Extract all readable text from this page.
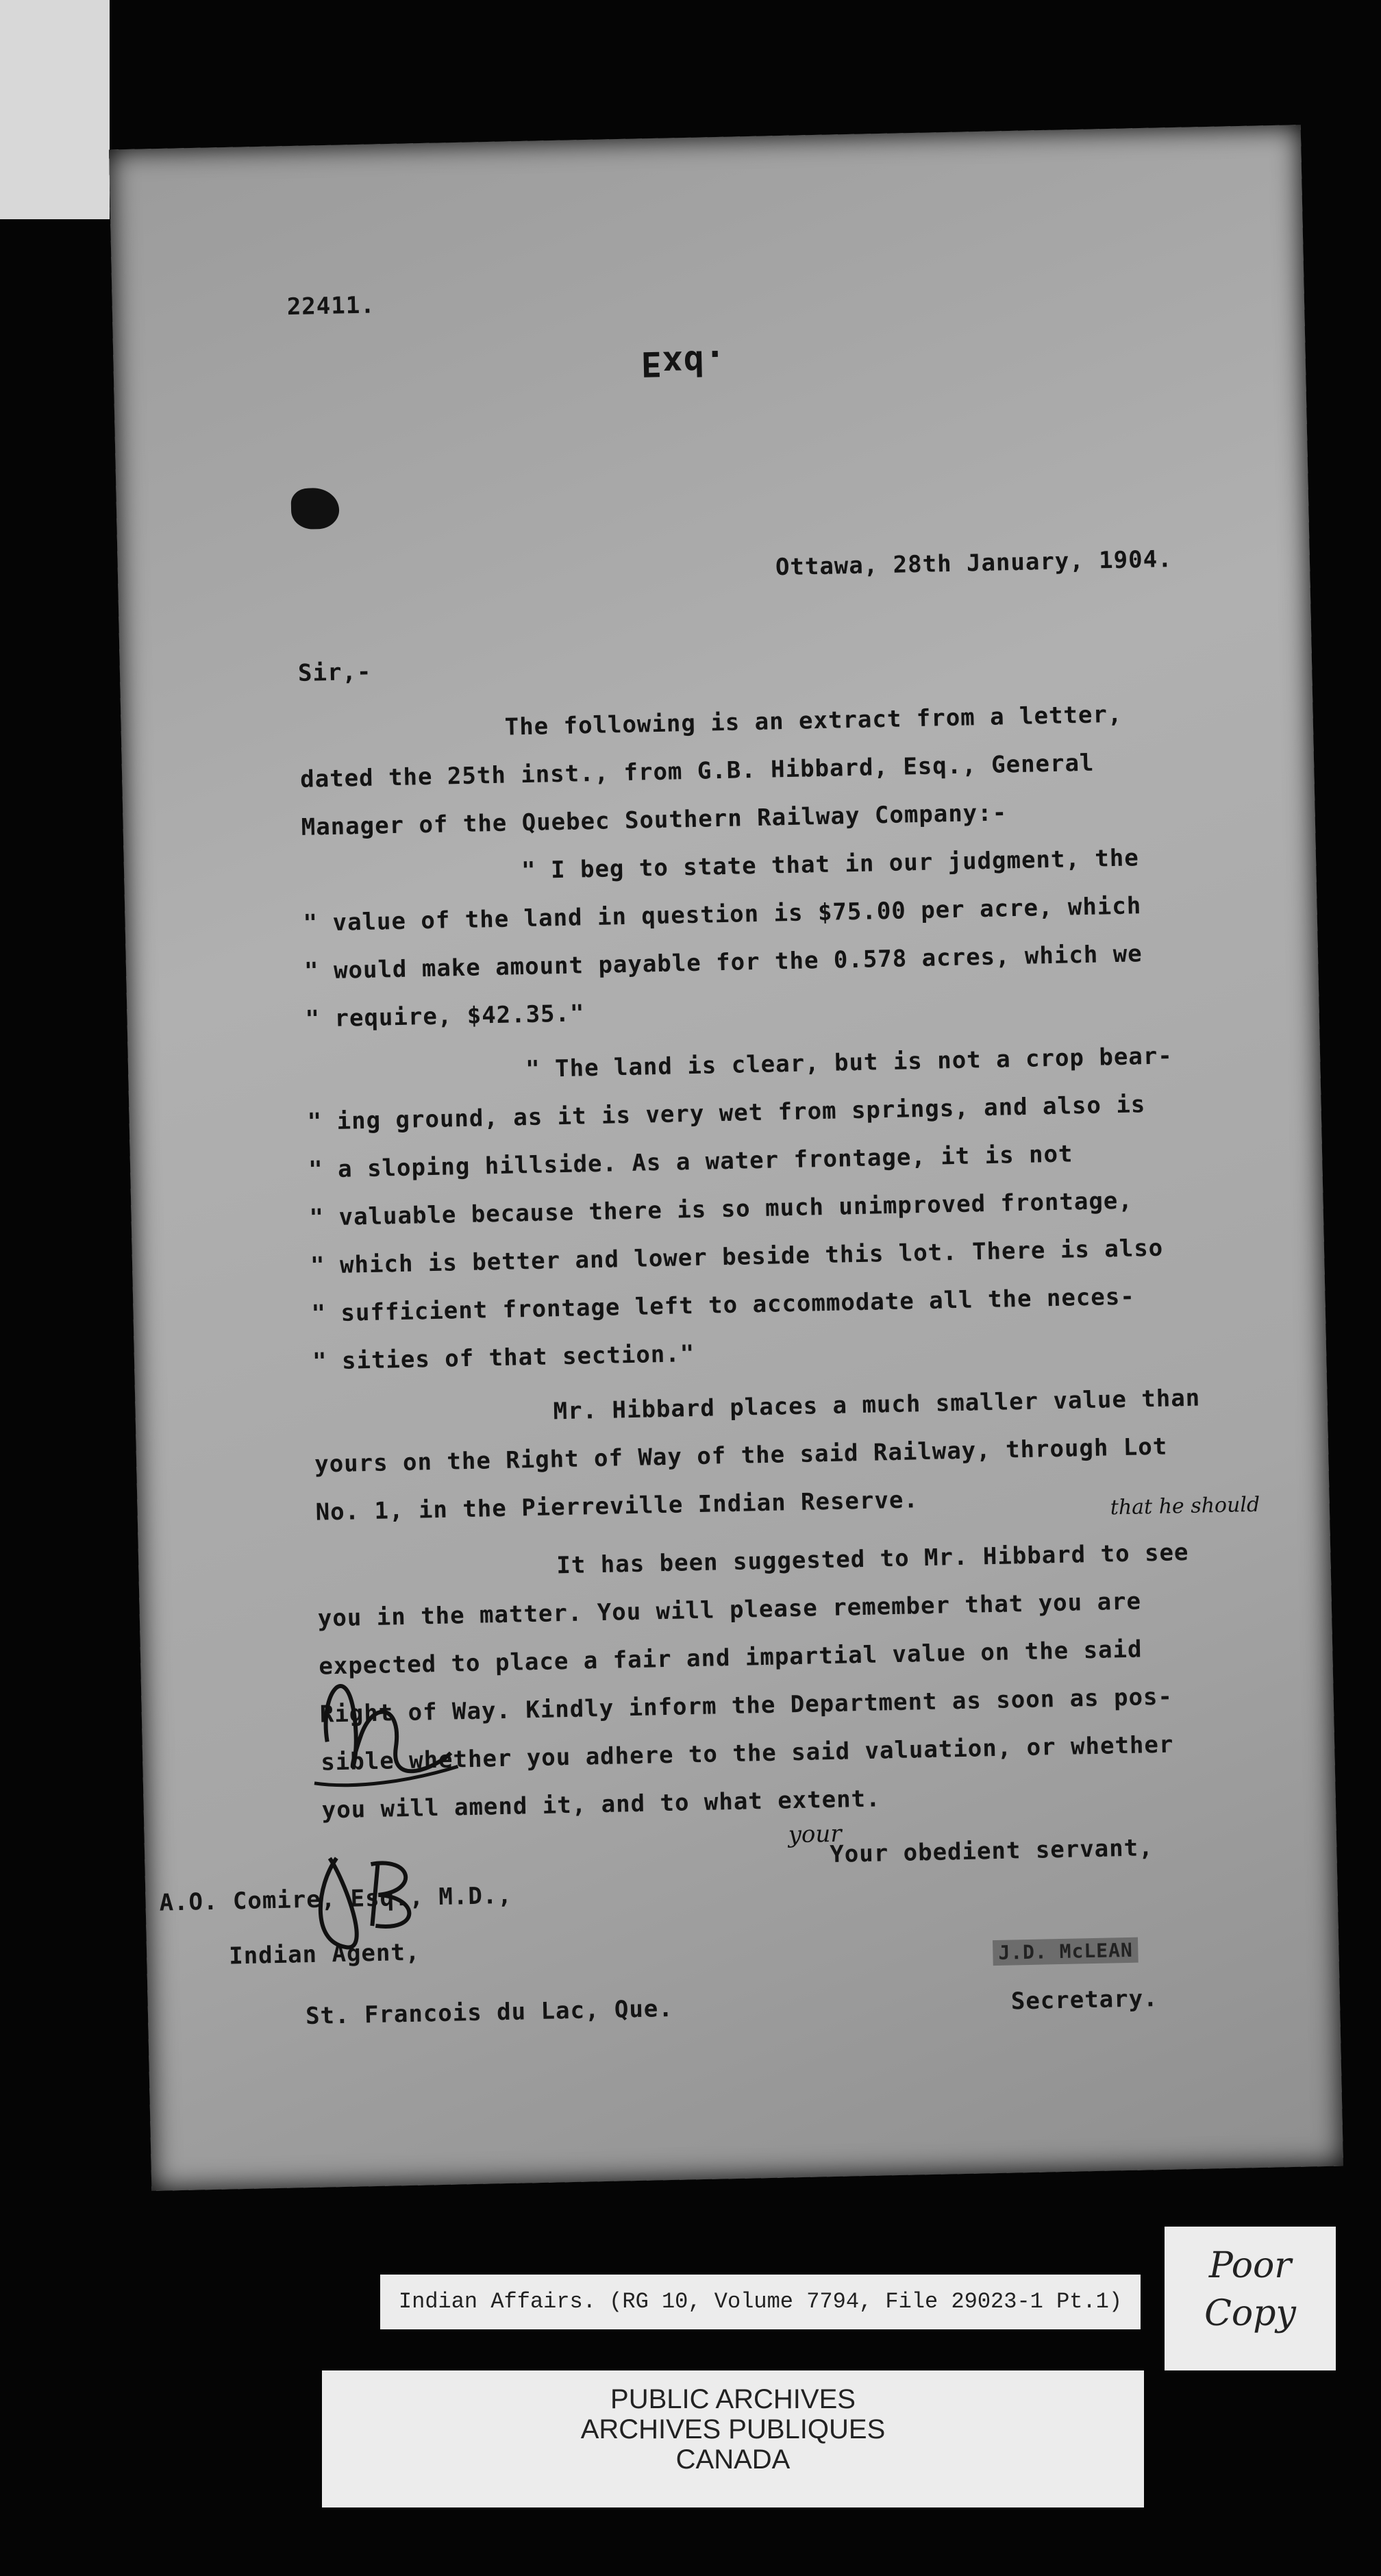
22411.
Exd.
Ottawa, 28th January, 1904.
Sir,-
The following is an extract from a letter,
dated the 25th inst., from G.B. Hibbard, Esq., General
Manager of the Quebec Southern Railway Company:-
" I beg to state that in our judgment, the
" value of the land in question is $75.00 per acre, which
" would make amount payable for the 0.578 acres, which we
" require, $42.35."
" The land is clear, but is not a crop bear-
" ing ground, as it is very wet from springs, and also is
" a sloping hillside. As a water frontage, it is not
" valuable because there is so much unimproved frontage,
" which is better and lower beside this lot. There is also
" sufficient frontage left to accommodate all the neces-
" sities of that section."
Mr. Hibbard places a much smaller value than
yours on the Right of Way of the said Railway, through Lot
No. 1, in the Pierreville Indian Reserve.	that he should
It has been suggested to Mr. Hibbard to see
you in the matter. You will please remember that you are
expected to place a fair and impartial value on the said
Right of Way. Kindly inform the Department as soon as pos-
your
sible whether you adhere to the said valuation, or whether
you will amend it, and to what extent.
Your obedient servant,
A.O. Comire, Esq., M.D.,
Indian Agent,	J.D. McLEAN
St. Francois du Lac, Que.	Secretary.
Indian Affairs. (RG 10, Volume 7794, File 29023-1 Pt.1)
PUBLIC ARCHIVES
ARCHIVES PUBLIQUES
CANADA
Poor Copy
